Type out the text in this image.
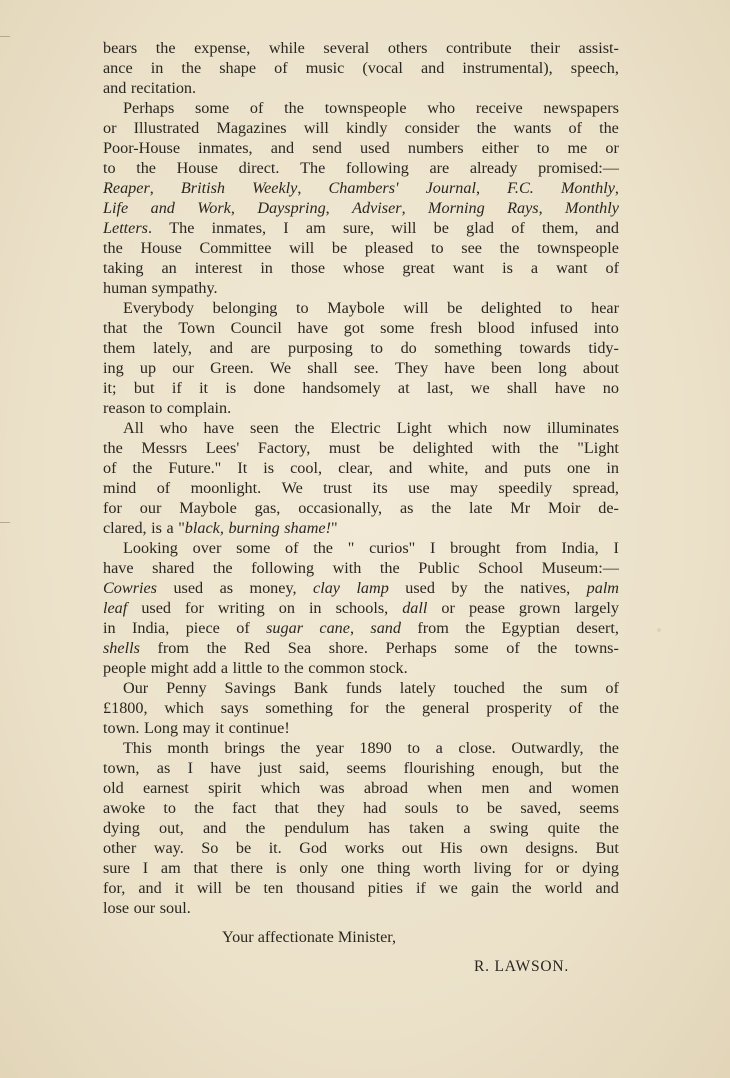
bears the expense, while several others contribute their assist-
ance in the shape of music (vocal and instrumental), speech,
and recitation.
Perhaps some of the townspeople who receive newspapers
or Illustrated Magazines will kindly consider the wants of the
Poor-House inmates, and send used numbers either to me or
to the House direct. The following are already promised:—
Reaper, British Weekly, Chambers' Journal, F.C. Monthly,
Life and Work, Dayspring, Adviser, Morning Rays, Monthly
Letters. The inmates, I am sure, will be glad of them, and
the House Committee will be pleased to see the townspeople
taking an interest in those whose great want is a want of
human sympathy.
Everybody belonging to Maybole will be delighted to hear
that the Town Council have got some fresh blood infused into
them lately, and are purposing to do something towards tidy-
ing up our Green. We shall see. They have been long about
it; but if it is done handsomely at last, we shall have no
reason to complain.
All who have seen the Electric Light which now illuminates
the Messrs Lees' Factory, must be delighted with the "Light
of the Future." It is cool, clear, and white, and puts one in
mind of moonlight. We trust its use may speedily spread,
for our Maybole gas, occasionally, as the late Mr Moir de-
clared, is a "black, burning shame!"
Looking over some of the " curios" I brought from India, I
have shared the following with the Public School Museum:—
Cowries used as money, clay lamp used by the natives, palm
leaf used for writing on in schools, dall or pease grown largely
in India, piece of sugar cane, sand from the Egyptian desert,
shells from the Red Sea shore. Perhaps some of the towns-
people might add a little to the common stock.
Our Penny Savings Bank funds lately touched the sum of
£1800, which says something for the general prosperity of the
town. Long may it continue!
This month brings the year 1890 to a close. Outwardly, the
town, as I have just said, seems flourishing enough, but the
old earnest spirit which was abroad when men and women
awoke to the fact that they had souls to be saved, seems
dying out, and the pendulum has taken a swing quite the
other way. So be it. God works out His own designs. But
sure I am that there is only one thing worth living for or dying
for, and it will be ten thousand pities if we gain the world and
lose our soul.
Your affectionate Minister,
R. LAWSON.
